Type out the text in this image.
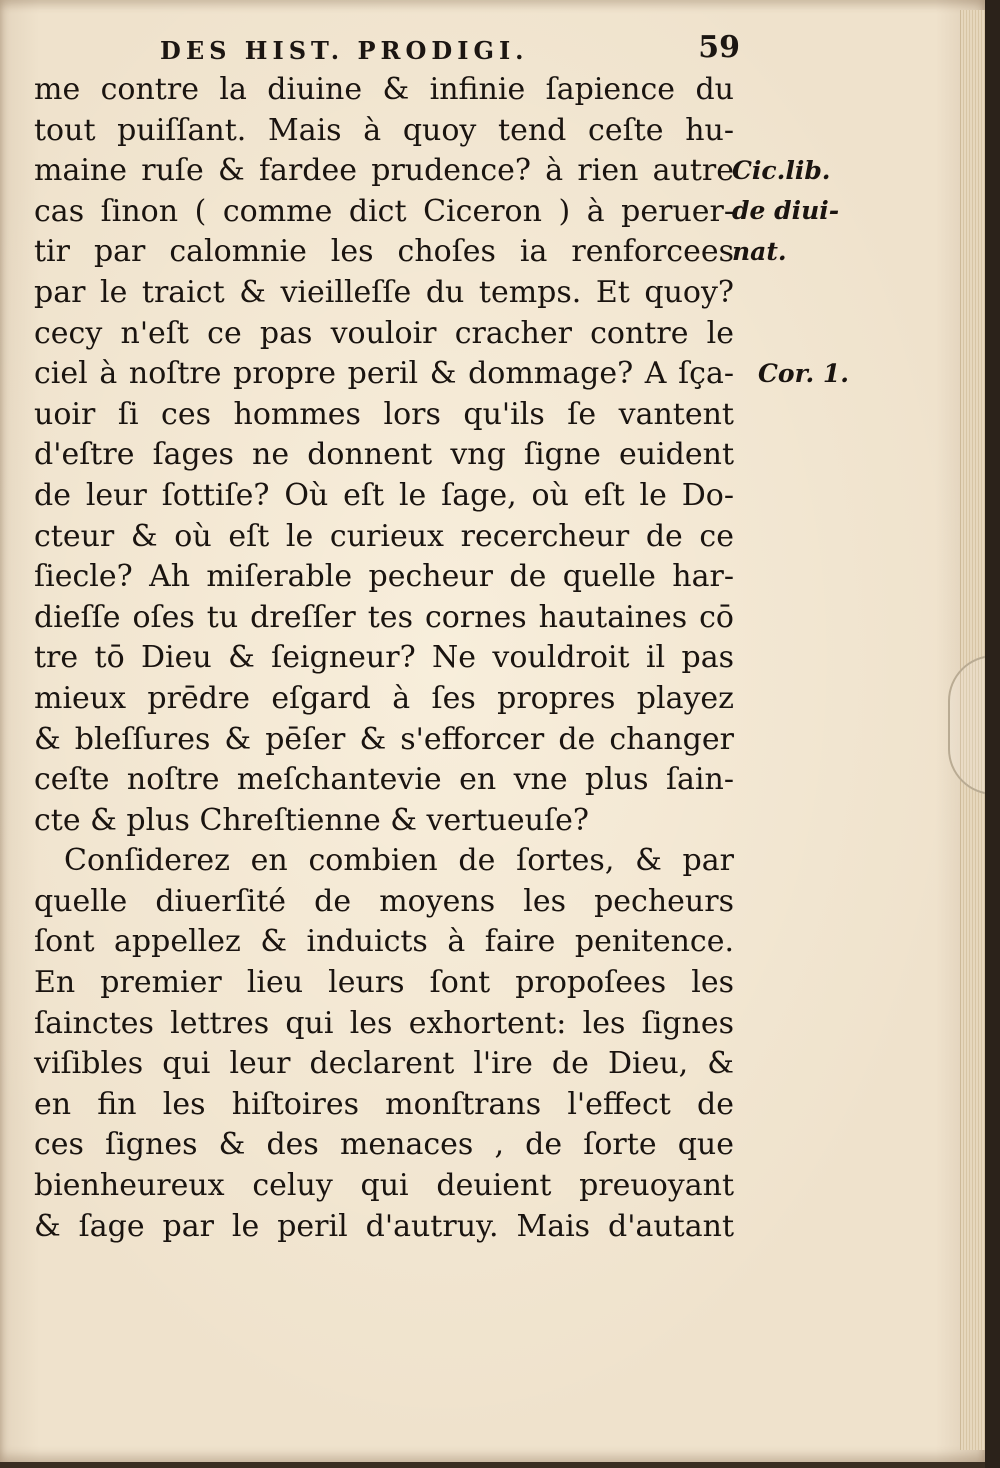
DES HIST. PRODIGI.	59
me contre la diuine & infinie ſapience du
tout puiſſant. Mais à quoy tend ceſte hu-
maine ruſe & fardee prudence? à rien autre
cas ſinon ( comme dict Ciceron ) à peruer-
tir par calomnie les choſes ia renforcees
par le traict & vieilleſſe du temps. Et quoy?
cecy n'eſt ce pas vouloir cracher contre le
ciel à noſtre propre peril & dommage? A ſça-
uoir ſi ces hommes lors qu'ils ſe vantent
d'eſtre ſages ne donnent vng ſigne euident
de leur ſottiſe? Où eſt le ſage, où eſt le Do-
cteur & où eſt le curieux recercheur de ce
ſiecle? Ah miſerable pecheur de quelle har-
dieſſe oſes tu dreſſer tes cornes hautaines cō
tre tō Dieu & ſeigneur? Ne vouldroit il pas
mieux prēdre eſgard à ſes propres playez
& bleſſures & pēſer & s'efforcer de changer
ceſte noſtre meſchantevie en vne plus ſain-
cte & plus Chreſtienne & vertueuſe?
Conſiderez en combien de ſortes, & par
quelle diuerſité de moyens les pecheurs
ſont appellez & induicts à faire penitence.
En premier lieu leurs ſont propoſees les
ſainctes lettres qui les exhortent: les ſignes
viſibles qui leur declarent l'ire de Dieu, &
en fin les hiſtoires monſtrans l'effect de
ces ſignes & des menaces , de ſorte que
bienheureux celuy qui deuient preuoyant
& ſage par le peril d'autruy. Mais d'autant
Cic.lib.
de diui-
nat.
Cor. 1.
